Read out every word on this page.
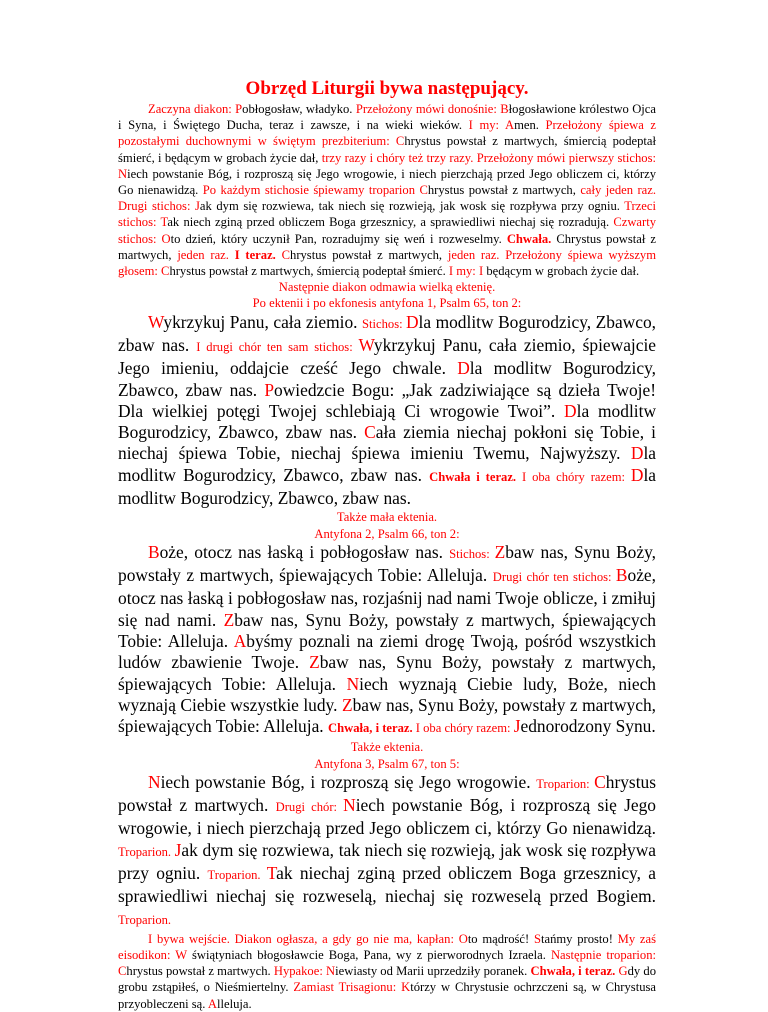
Obrzęd Liturgii bywa następujący.

Zaczyna diakon: Pobłogosław, władyko. Przełożony mówi donośnie: Błogosławione królestwo Ojca i Syna, i Świętego Ducha, teraz i zawsze, i na wieki wieków. I my: Amen. Przełożony śpiewa z pozostałymi duchownymi w świętym prezbiterium: Chrystus powstał z martwych, śmiercią podeptał śmierć, i będącym w grobach życie dał, trzy razy i chóry też trzy razy. Przełożony mówi pierwszy stichos: Niech powstanie Bóg, i rozproszą się Jego wrogowie, i niech pierzchają przed Jego obliczem ci, którzy Go nienawidzą. Po każdym stichosie śpiewamy troparion Chrystus powstał z martwych, cały jeden raz. Drugi stichos: Jak dym się rozwiewa, tak niech się rozwieją, jak wosk się rozpływa przy ogniu. Trzeci stichos: Tak niech zginą przed obliczem Boga grzesznicy, a sprawiedliwi niechaj się rozradują. Czwarty stichos: Oto dzień, który uczynił Pan, rozradujmy się weń i rozweselmy. Chwała. Chrystus powstał z martwych, jeden raz. I teraz. Chrystus powstał z martwych, jeden raz. Przełożony śpiewa wyższym głosem: Chrystus powstał z martwych, śmiercią podeptał śmierć. I my: I będącym w grobach życie dał.

Następnie diakon odmawia wielką ektenię.

Po ektenii i po ekfonesis antyfona 1, Psalm 65, ton 2:

Wykrzykuj Panu, cała ziemio. Stichos: Dla modlitw Bogurodzicy, Zbawco, zbaw nas. I drugi chór ten sam stichos: Wykrzykuj Panu, cała ziemio, śpiewajcie Jego imieniu, oddajcie cześć Jego chwale. Dla modlitw Bogurodzicy, Zbawco, zbaw nas. Powiedzcie Bogu: „Jak zadziwiające są dzieła Twoje! Dla wielkiej potęgi Twojej schlebiają Ci wrogowie Twoi”. Dla modlitw Bogurodzicy, Zbawco, zbaw nas. Cała ziemia niechaj pokłoni się Tobie, i niechaj śpiewa Tobie, niechaj śpiewa imieniu Twemu, Najwyższy. Dla modlitw Bogurodzicy, Zbawco, zbaw nas. Chwała i teraz. I oba chóry razem: Dla modlitw Bogurodzicy, Zbawco, zbaw nas.

Także mała ektenia.

Antyfona 2, Psalm 66, ton 2:

Boże, otocz nas łaską i pobłogosław nas. Stichos: Zbaw nas, Synu Boży, powstały z martwych, śpiewających Tobie: Alleluja. Drugi chór ten stichos: Boże, otocz nas łaską i pobłogosław nas, rozjaśnij nad nami Twoje oblicze, i zmiłuj się nad nami. Zbaw nas, Synu Boży, powstały z martwych, śpiewających Tobie: Alleluja. Abyśmy poznali na ziemi drogę Twoją, pośród wszystkich ludów zbawienie Twoje. Zbaw nas, Synu Boży, powstały z martwych, śpiewających Tobie: Alleluja. Niech wyznają Ciebie ludy, Boże, niech wyznają Ciebie wszystkie ludy. Zbaw nas, Synu Boży, powstały z martwych, śpiewających Tobie: Alleluja. Chwała, i teraz. I oba chóry razem: Jednorodzony Synu.

Także ektenia.

Antyfona 3, Psalm 67, ton 5:

Niech powstanie Bóg, i rozproszą się Jego wrogowie. Troparion: Chrystus powstał z martwych. Drugi chór: Niech powstanie Bóg, i rozproszą się Jego wrogowie, i niech pierzchają przed Jego obliczem ci, którzy Go nienawidzą. Troparion. Jak dym się rozwiewa, tak niech się rozwieją, jak wosk się rozpływa przy ogniu. Troparion. Tak niechaj zginą przed obliczem Boga grzesznicy, a sprawiedliwi niechaj się rozweselą, niechaj się rozweselą przed Bogiem. Troparion.

I bywa wejście. Diakon ogłasza, a gdy go nie ma, kapłan: Oto mądrość! Stańmy prosto! My zaś eisodikon: W świątyniach błogosławcie Boga, Pana, wy z pierworodnych Izraela. Następnie troparion: Chrystus powstał z martwych. Hypakoe: Niewiasty od Marii uprzedziły poranek. Chwała, i teraz. Gdy do grobu zstąpiłeś, o Nieśmiertelny. Zamiast Trisagionu: Którzy w Chrystusie ochrzczeni są, w Chrystusa przyobleczeni są. Alleluja.
